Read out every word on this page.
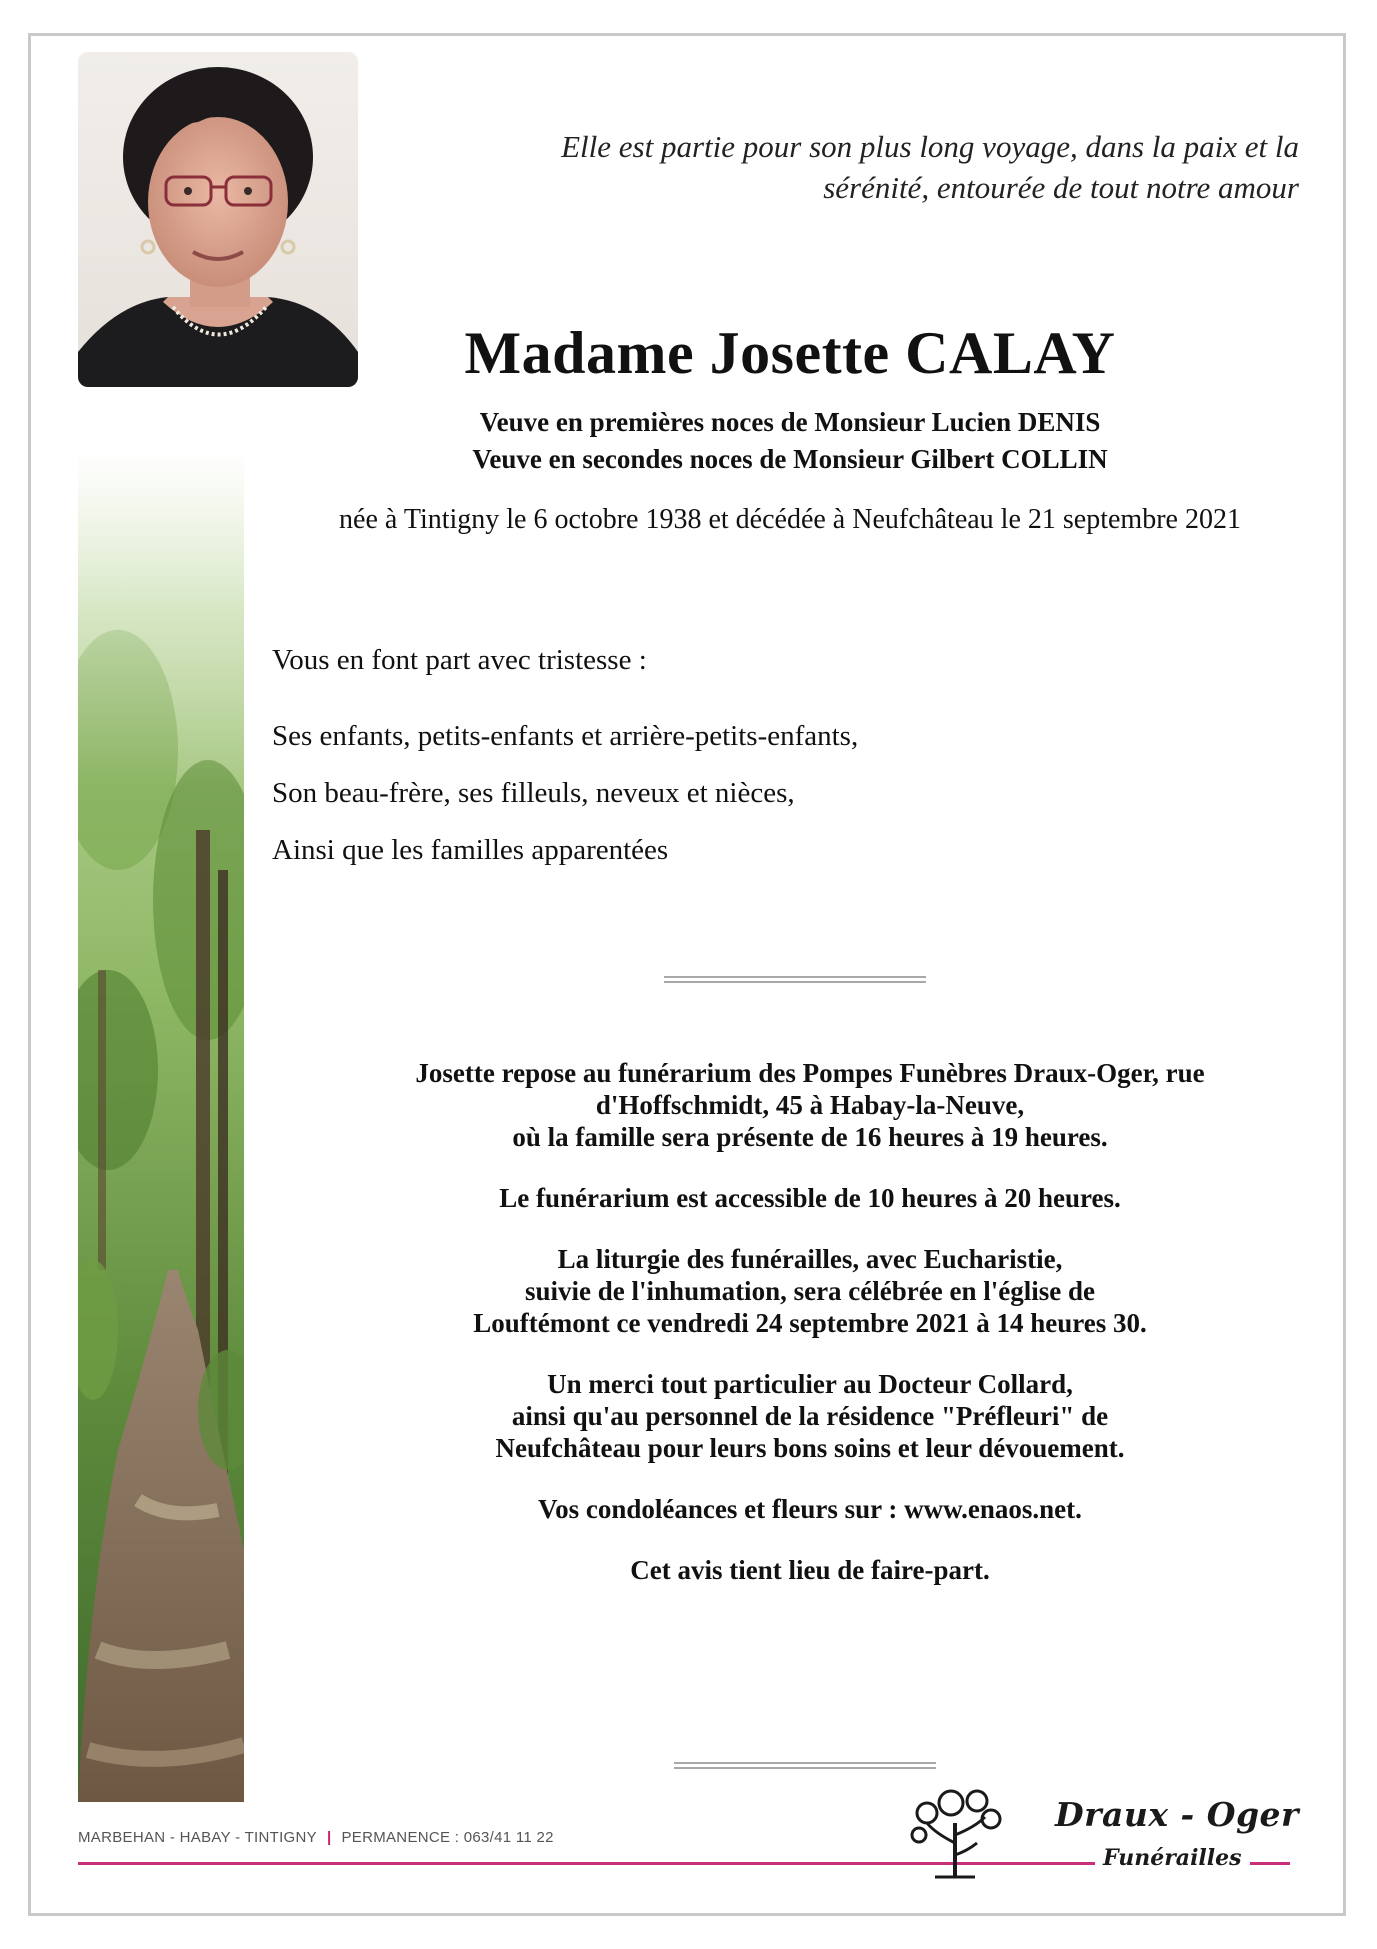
Elle est partie pour son plus long voyage, dans la paix et la
sérénité, entourée de tout notre amour
Madame Josette CALAY
Veuve en premières noces de Monsieur Lucien DENIS
Veuve en secondes noces de Monsieur Gilbert COLLIN
née à Tintigny le 6 octobre 1938 et décédée à Neufchâteau le 21 septembre 2021
Vous en font part avec tristesse :
Ses enfants, petits-enfants et arrière-petits-enfants,
Son beau-frère, ses filleuls, neveux et nièces,
Ainsi que les familles apparentées

Josette repose au funérarium des Pompes Funèbres Draux-Oger, rue
d'Hoffschmidt, 45 à Habay-la-Neuve,
où la famille sera présente de 16 heures à 19 heures.

Le funérarium est accessible de 10 heures à 20 heures.

La liturgie des funérailles, avec Eucharistie,
suivie de l'inhumation, sera célébrée en l'église de
Louftémont ce vendredi 24 septembre 2021 à 14 heures 30.

Un merci tout particulier au Docteur Collard,
ainsi qu'au personnel de la résidence "Préfleuri" de
Neufchâteau pour leurs bons soins et leur dévouement.

Vos condoléances et fleurs sur : www.enaos.net.

Cet avis tient lieu de faire-part.

MARBEHAN - HABAY - TINTIGNY | PERMANENCE : 063/41 11 22
Draux - Oger
Funérailles
